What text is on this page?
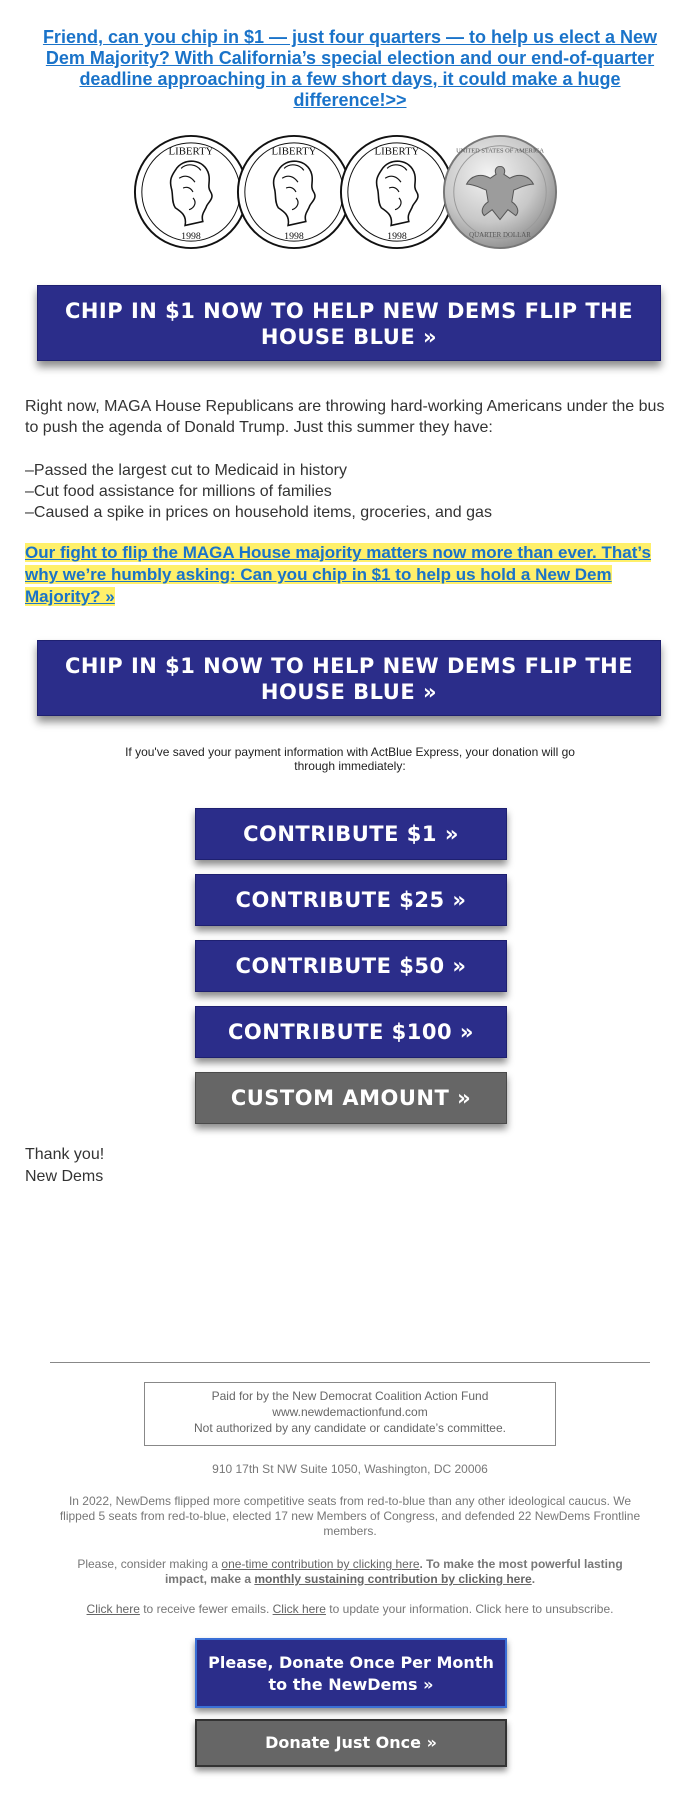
Friend, can you chip in $1 — just four quarters — to help us elect a New Dem Majority? With California’s special election and our end-of-quarter deadline approaching in a few short days, it could make a huge difference!>>
LIBERTY
1998
LIBERTY
1998
LIBERTY
1998
UNITED STATES OF AMERICA
QUARTER DOLLAR
CHIP IN $1 NOW TO HELP NEW DEMS FLIP THE HOUSE BLUE »

Right now, MAGA House Republicans are throwing hard-working Americans under the bus to push the agenda of Donald Trump. Just this summer they have:

–Passed the largest cut to Medicaid in history
–Cut food assistance for millions of families
–Caused a spike in prices on household items, groceries, and gas

Our fight to flip the MAGA House majority matters now more than ever. That’s why we’re humbly asking: Can you chip in $1 to help us hold a New Dem Majority? »

CHIP IN $1 NOW TO HELP NEW DEMS FLIP THE HOUSE BLUE »
If you've saved your payment information with ActBlue Express, your donation will go through immediately:
CONTRIBUTE $1 »
CONTRIBUTE $25 »
CONTRIBUTE $50 »
CONTRIBUTE $100 »
CUSTOM AMOUNT »
Thank you!
New Dems
Paid for by the New Democrat Coalition Action Fund
www.newdemactionfund.com
Not authorized by any candidate or candidate’s committee.
910 17th St NW Suite 1050, Washington, DC 20006
In 2022, NewDems flipped more competitive seats from red-to-blue than any other ideological caucus. We flipped 5 seats from red-to-blue, elected 17 new Members of Congress, and defended 22 NewDems Frontline members.
Please, consider making a one-time contribution by clicking here. To make the most powerful lasting impact, make a monthly sustaining contribution by clicking here.
Click here to receive fewer emails. Click here to update your information. Click here to unsubscribe.
Please, Donate Once Per Month to the NewDems »
Donate Just Once »
